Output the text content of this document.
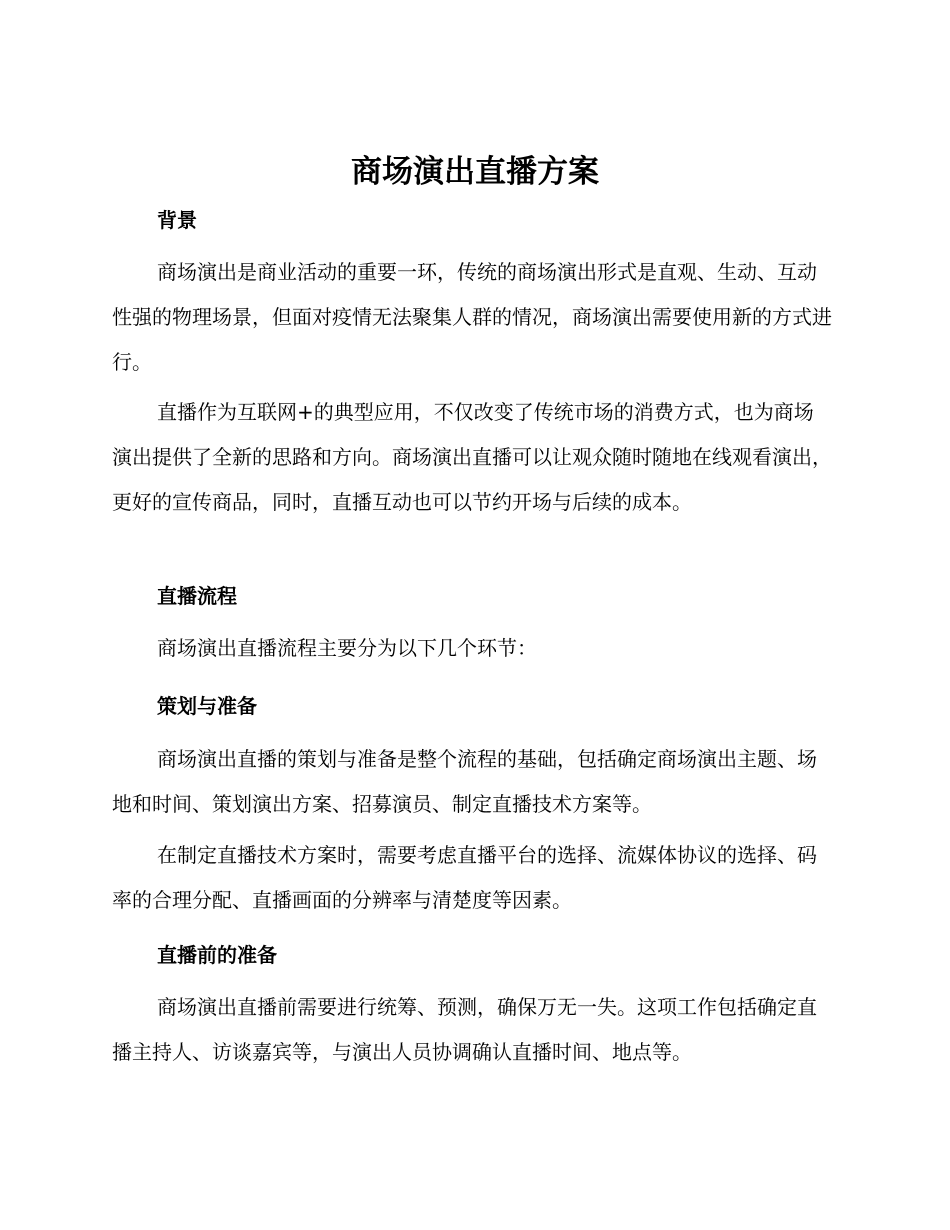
商场演出直播方案
背景

商场演出是商业活动的重要一环，传统的商场演出形式是直观、生动、互动性强的物理场景，但面对疫情无法聚集人群的情况，商场演出需要使用新的方式进行。

直播作为互联网+的典型应用，不仅改变了传统市场的消费方式，也为商场演出提供了全新的思路和方向。商场演出直播可以让观众随时随地在线观看演出，更好的宣传商品，同时，直播互动也可以节约开场与后续的成本。

直播流程

商场演出直播流程主要分为以下几个环节：

策划与准备

商场演出直播的策划与准备是整个流程的基础，包括确定商场演出主题、场地和时间、策划演出方案、招募演员、制定直播技术方案等。

在制定直播技术方案时，需要考虑直播平台的选择、流媒体协议的选择、码率的合理分配、直播画面的分辨率与清楚度等因素。

直播前的准备

商场演出直播前需要进行统筹、预测，确保万无一失。这项工作包括确定直播主持人、访谈嘉宾等，与演出人员协调确认直播时间、地点等。
